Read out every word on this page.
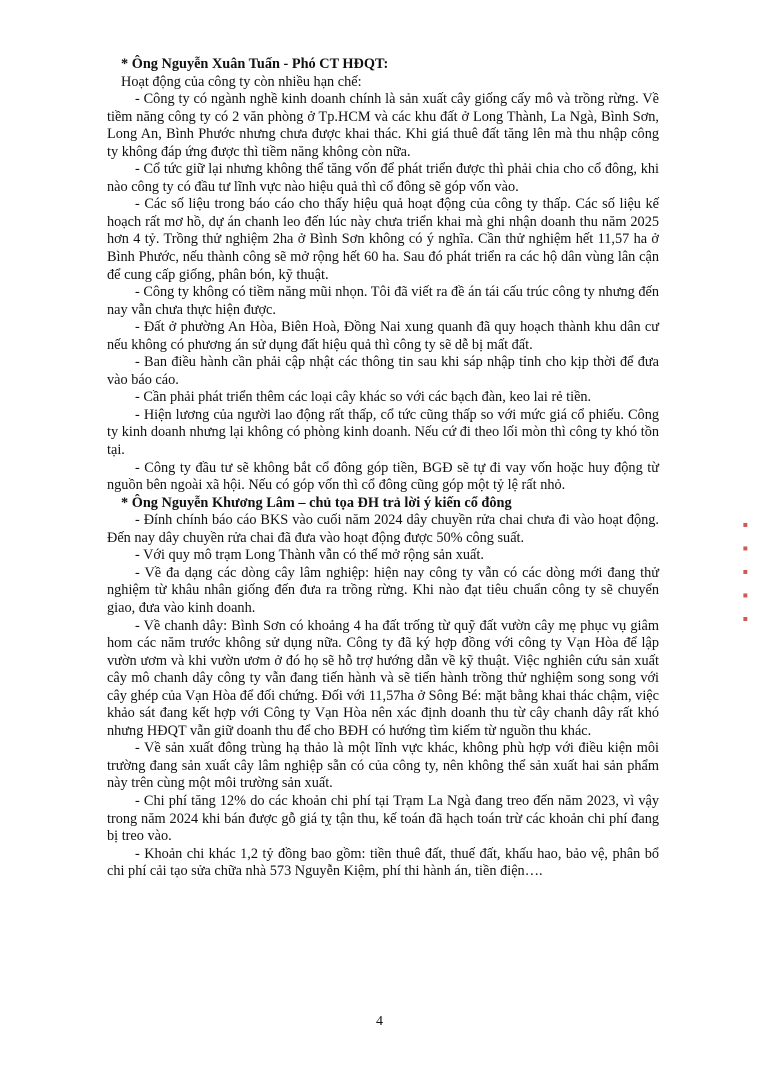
* Ông Nguyễn Xuân Tuấn - Phó CT HĐQT:

Hoạt động của công ty còn nhiều hạn chế:

- Công ty có ngành nghề kinh doanh chính là sản xuất cây giống cấy mô và trồng rừng. Về tiềm năng công ty có 2 văn phòng ở Tp.HCM và các khu đất ở Long Thành, La Ngà, Bình Sơn, Long An, Bình Phước nhưng chưa được khai thác. Khi giá thuê đất tăng lên mà thu nhập công ty không đáp ứng được thì tiềm năng không còn nữa.

- Cổ tức giữ lại nhưng không thể tăng vốn để phát triển được thì phải chia cho cổ đông, khi nào công ty có đầu tư lĩnh vực nào hiệu quả thì cổ đông sẽ góp vốn vào.

- Các số liệu trong báo cáo cho thấy hiệu quả hoạt động của công ty thấp. Các số liệu kế hoạch rất mơ hồ, dự án chanh leo đến lúc này chưa triển khai mà ghi nhận doanh thu năm 2025 hơn 4 tỷ. Trồng thử nghiệm 2ha ở Bình Sơn không có ý nghĩa. Cần thử nghiệm hết 11,57 ha ở Bình Phước, nếu thành công sẽ mở rộng hết 60 ha. Sau đó phát triển ra các hộ dân vùng lân cận để cung cấp giống, phân bón, kỹ thuật.

- Công ty không có tiềm năng mũi nhọn. Tôi đã viết ra đề án tái cấu trúc công ty nhưng đến nay vẫn chưa thực hiện được.

- Đất ở phường An Hòa, Biên Hoà, Đồng Nai xung quanh đã quy hoạch thành khu dân cư nếu không có phương án sử dụng đất hiệu quả thì công ty sẽ dễ bị mất đất.

- Ban điều hành cần phải cập nhật các thông tin sau khi sáp nhập tỉnh cho kịp thời để đưa vào báo cáo.

- Cần phải phát triển thêm các loại cây khác so với các bạch đàn, keo lai rẻ tiền.

- Hiện lương của người lao động rất thấp, cổ tức cũng thấp so với mức giá cổ phiếu. Công ty kinh doanh nhưng lại không có phòng kinh doanh. Nếu cứ đi theo lối mòn thì công ty khó tồn tại.

- Công ty đầu tư sẽ không bắt cổ đông góp tiền, BGĐ sẽ tự đi vay vốn hoặc huy động từ nguồn bên ngoài xã hội. Nếu có góp vốn thì cổ đông cũng góp một tỷ lệ rất nhỏ.

* Ông Nguyễn Khương Lâm – chủ tọa ĐH trả lời ý kiến cổ đông

- Đính chính báo cáo BKS vào cuối năm 2024 dây chuyền rửa chai chưa đi vào hoạt động. Đến nay dây chuyền rửa chai đã đưa vào hoạt động được 50% công suất.

- Với quy mô trạm Long Thành vẫn có thể mở rộng sản xuất.

- Về đa dạng các dòng cây lâm nghiệp: hiện nay công ty vẫn có các dòng mới đang thử nghiệm từ khâu nhân giống đến đưa ra trồng rừng. Khi nào đạt tiêu chuẩn công ty sẽ chuyển giao, đưa vào kinh doanh.

- Về chanh dây: Bình Sơn có khoảng 4 ha đất trống từ quỹ đất vườn cây mẹ phục vụ giâm hom các năm trước không sử dụng nữa. Công ty đã ký hợp đồng với công ty Vạn Hòa để lập vườn ươm và khi vườn ươm ở đó họ sẽ hỗ trợ hướng dẫn về kỹ thuật. Việc nghiên cứu sản xuất cây mô chanh dây công ty vẫn đang tiến hành và sẽ tiến hành trồng thử nghiệm song song với cây ghép của Vạn Hòa để đối chứng. Đối với 11,57ha ở Sông Bé: mặt bằng khai thác chậm, việc khảo sát đang kết hợp với Công ty Vạn Hòa nên xác định doanh thu từ cây chanh dây rất khó nhưng HĐQT vẫn giữ doanh thu để cho BĐH có hướng tìm kiếm từ nguồn thu khác.

- Về sản xuất đông trùng hạ thảo là một lĩnh vực khác, không phù hợp với điều kiện môi trường đang sản xuất cây lâm nghiệp sẵn có của công ty, nên không thể sản xuất hai sản phẩm này trên cùng một môi trường sản xuất.

- Chi phí tăng 12% do các khoản chi phí tại Trạm La Ngà đang treo đến năm 2023, vì vậy trong năm 2024 khi bán được gỗ giá tỵ tận thu, kế toán đã hạch toán trừ các khoản chi phí đang bị treo vào.

- Khoản chi khác 1,2 tỷ đồng bao gồm: tiền thuê đất, thuế đất, khấu hao, bảo vệ, phân bổ chi phí cải tạo sửa chữa nhà 573 Nguyễn Kiệm, phí thi hành án, tiền điện….

4
▪ ▪ ▪ ▪ ▪
